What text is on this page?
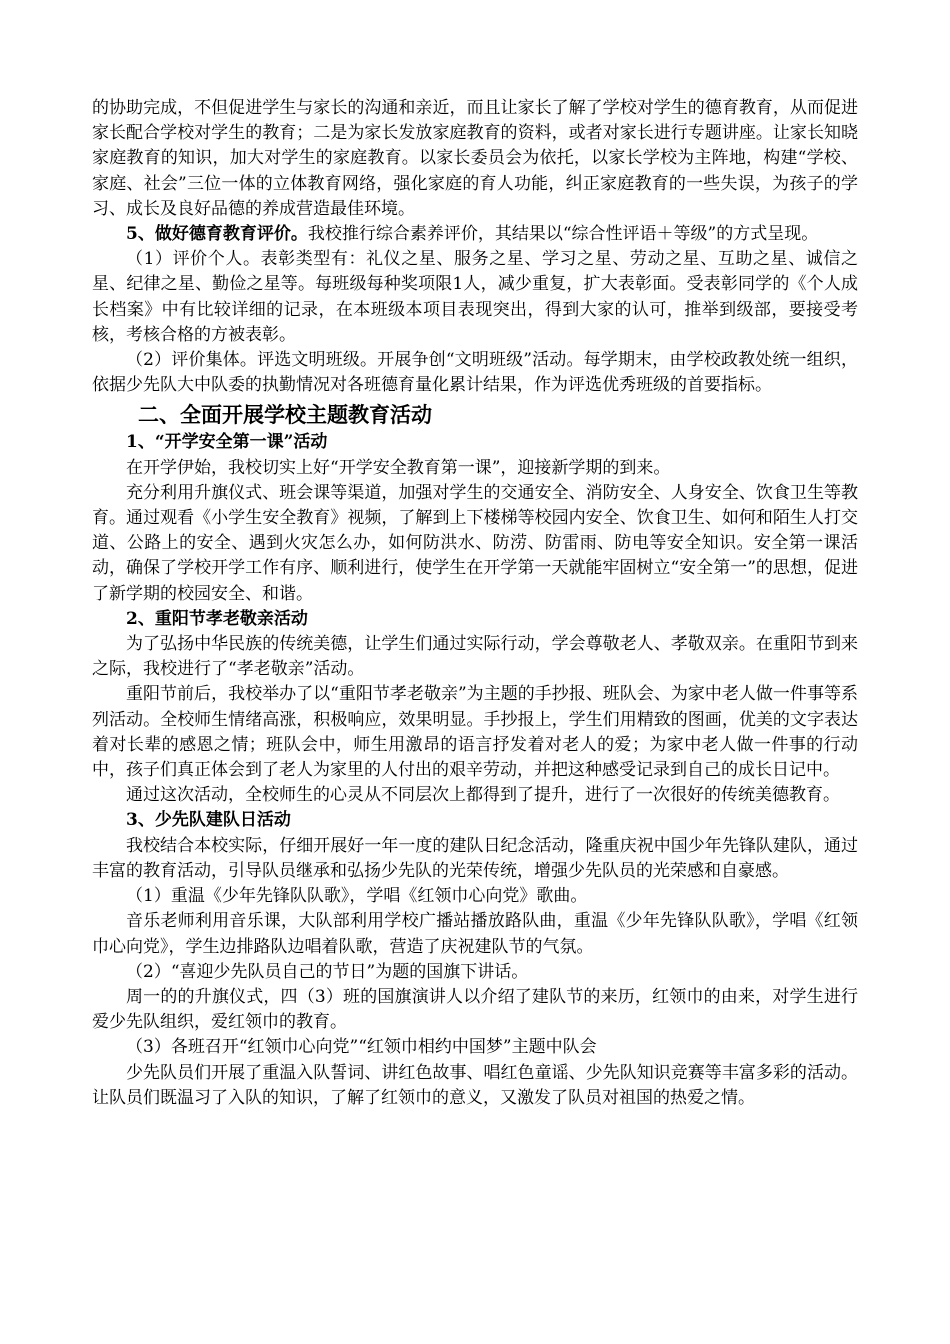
的协助完成，不但促进学生与家长的沟通和亲近，而且让家长了解了学校对学生的德育教育，从而促进家长配合学校对学生的教育；二是为家长发放家庭教育的资料，或者对家长进行专题讲座。让家长知晓家庭教育的知识，加大对学生的家庭教育。以家长委员会为依托，以家长学校为主阵地，构建“学校、家庭、社会”三位一体的立体教育网络，强化家庭的育人功能，纠正家庭教育的一些失误，为孩子的学习、成长及良好品德的养成营造最佳环境。

5、做好德育教育评价。我校推行综合素养评价，其结果以“综合性评语＋等级”的方式呈现。

（1）评价个人。表彰类型有：礼仪之星、服务之星、学习之星、劳动之星、互助之星、诚信之星、纪律之星、勤俭之星等。每班级每种奖项限1人，减少重复，扩大表彰面。受表彰同学的《个人成长档案》中有比较详细的记录，在本班级本项目表现突出，得到大家的认可，推举到级部，要接受考核，考核合格的方被表彰。

（2）评价集体。评选文明班级。开展争创“文明班级”活动。每学期末，由学校政教处统一组织，依据少先队大中队委的执勤情况对各班德育量化累计结果，作为评选优秀班级的首要指标。

二、全面开展学校主题教育活动

1、“开学安全第一课”活动

在开学伊始，我校切实上好“开学安全教育第一课”，迎接新学期的到来。

充分利用升旗仪式、班会课等渠道，加强对学生的交通安全、消防安全、人身安全、饮食卫生等教育。通过观看《小学生安全教育》视频，了解到上下楼梯等校园内安全、饮食卫生、如何和陌生人打交道、公路上的安全、遇到火灾怎么办，如何防洪水、防涝、防雷雨、防电等安全知识。安全第一课活动，确保了学校开学工作有序、顺利进行，使学生在开学第一天就能牢固树立“安全第一”的思想，促进了新学期的校园安全、和谐。

2、重阳节孝老敬亲活动

为了弘扬中华民族的传统美德，让学生们通过实际行动，学会尊敬老人、孝敬双亲。在重阳节到来之际，我校进行了“孝老敬亲”活动。

重阳节前后，我校举办了以“重阳节孝老敬亲”为主题的手抄报、班队会、为家中老人做一件事等系列活动。全校师生情绪高涨，积极响应，效果明显。手抄报上，学生们用精致的图画，优美的文字表达着对长辈的感恩之情；班队会中，师生用激昂的语言抒发着对老人的爱；为家中老人做一件事的行动中，孩子们真正体会到了老人为家里的人付出的艰辛劳动，并把这种感受记录到自己的成长日记中。

通过这次活动，全校师生的心灵从不同层次上都得到了提升，进行了一次很好的传统美德教育。

3、少先队建队日活动

我校结合本校实际，仔细开展好一年一度的建队日纪念活动，隆重庆祝中国少年先锋队建队，通过丰富的教育活动，引导队员继承和弘扬少先队的光荣传统，增强少先队员的光荣感和自豪感。

（1）重温《少年先锋队队歌》，学唱《红领巾心向党》歌曲。

音乐老师利用音乐课，大队部利用学校广播站播放路队曲，重温《少年先锋队队歌》，学唱《红领巾心向党》，学生边排路队边唱着队歌，营造了庆祝建队节的气氛。

（2）“喜迎少先队员自己的节日”为题的国旗下讲话。

周一的的升旗仪式，四（3）班的国旗演讲人以介绍了建队节的来历，红领巾的由来，对学生进行爱少先队组织，爱红领巾的教育。

（3）各班召开“红领巾心向党”“红领巾相约中国梦”主题中队会

少先队员们开展了重温入队誓词、讲红色故事、唱红色童谣、少先队知识竞赛等丰富多彩的活动。让队员们既温习了入队的知识，了解了红领巾的意义，又激发了队员对祖国的热爱之情。
